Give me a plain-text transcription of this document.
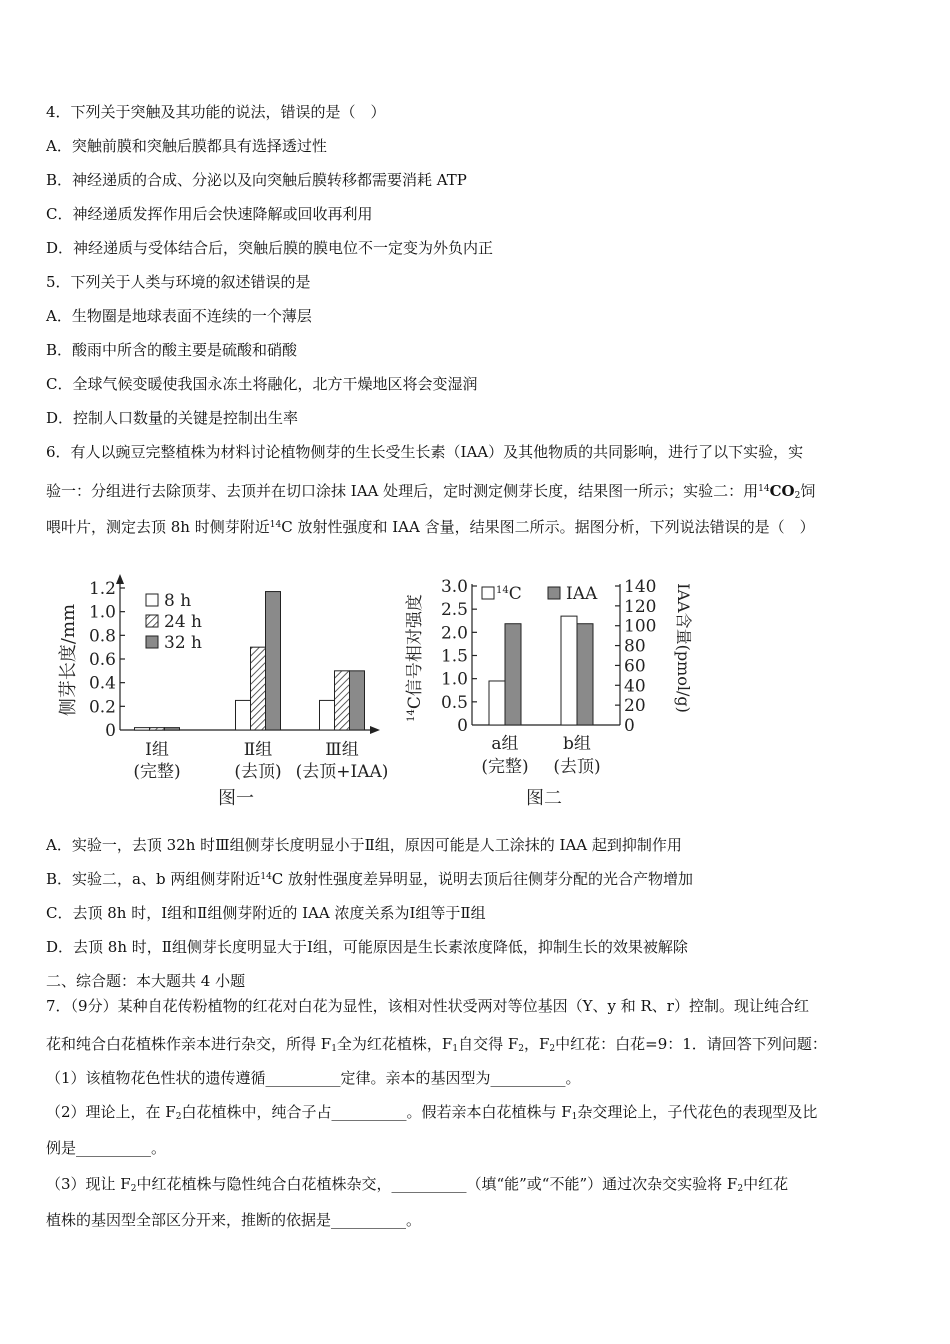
4．下列关于突触及其功能的说法，错误的是（　）
A．突触前膜和突触后膜都具有选择透过性
B．神经递质的合成、分泌以及向突触后膜转移都需要消耗 ATP
C．神经递质发挥作用后会快速降解或回收再利用
D．神经递质与受体结合后，突触后膜的膜电位不一定变为外负内正
5．下列关于人类与环境的叙述错误的是
A．生物圈是地球表面不连续的一个薄层
B．酸雨中所含的酸主要是硫酸和硝酸
C．全球气候变暖使我国永冻土将融化，北方干燥地区将会变湿润
D．控制人口数量的关键是控制出生率
6．有人以豌豆完整植株为材料讨论植物侧芽的生长受生长素（IAA）及其他物质的共同影响，进行了以下实验，实
验一：分组进行去除顶芽、去顶并在切口涂抹 IAA 处理后，定时测定侧芽长度，结果图一所示；实验二：用$^{14}CO_2$饲
喂叶片，测定去顶 8h 时侧芽附近$^{14}$C 放射性强度和 IAA 含量，结果图二所示。据图分析，下列说法错误的是（　）
侧芽长度/mm
0
0.2
0.4
0.6
0.8
1.0
1.2
Ⅰ组
(完整)
Ⅱ组
(去顶)
Ⅲ组
(去顶+IAA)
8 h
24 h
32 h
图一
$^{14}$C信号相对强度	IAA含量(pmol/g)
0
0.5
1.0
1.5
2.0
2.5
3.0
0
20
40
60
80
100
120
140
a组
(完整)
b组
(去顶)
$^{14}$C	IAA
图二
A．实验一，去顶 32h 时Ⅲ组侧芽长度明显小于Ⅱ组，原因可能是人工涂抹的 IAA 起到抑制作用
B．实验二，a、b 两组侧芽附近$^{14}$C 放射性强度差异明显，说明去顶后往侧芽分配的光合产物增加
C．去顶 8h 时，Ⅰ组和Ⅱ组侧芽附近的 IAA 浓度关系为Ⅰ组等于Ⅱ组
D．去顶 8h 时，Ⅱ组侧芽长度明显大于Ⅰ组，可能原因是生长素浓度降低，抑制生长的效果被解除
二、综合题：本大题共 4 小题
7．（9分）某种自花传粉植物的红花对白花为显性，该相对性状受两对等位基因（Y、y 和 R、r）控制。现让纯合红
花和纯合白花植株作亲本进行杂交，所得 $F_1$全为红花植株，$F_1$自交得 $F_2$，$F_2$中红花：白花=9：1．请回答下列问题：
（1）该植物花色性状的遗传遵循__________定律。亲本的基因型为__________。
（2）理论上，在 $F_2$白花植株中，纯合子占__________。假若亲本白花植株与 $F_1$杂交理论上，子代花色的表现型及比
例是__________。
（3）现让 $F_2$中红花植株与隐性纯合白花植株杂交，__________（填“能”或“不能”）通过次杂交实验将 $F_2$中红花
植株的基因型全部区分开来，推断的依据是__________。
